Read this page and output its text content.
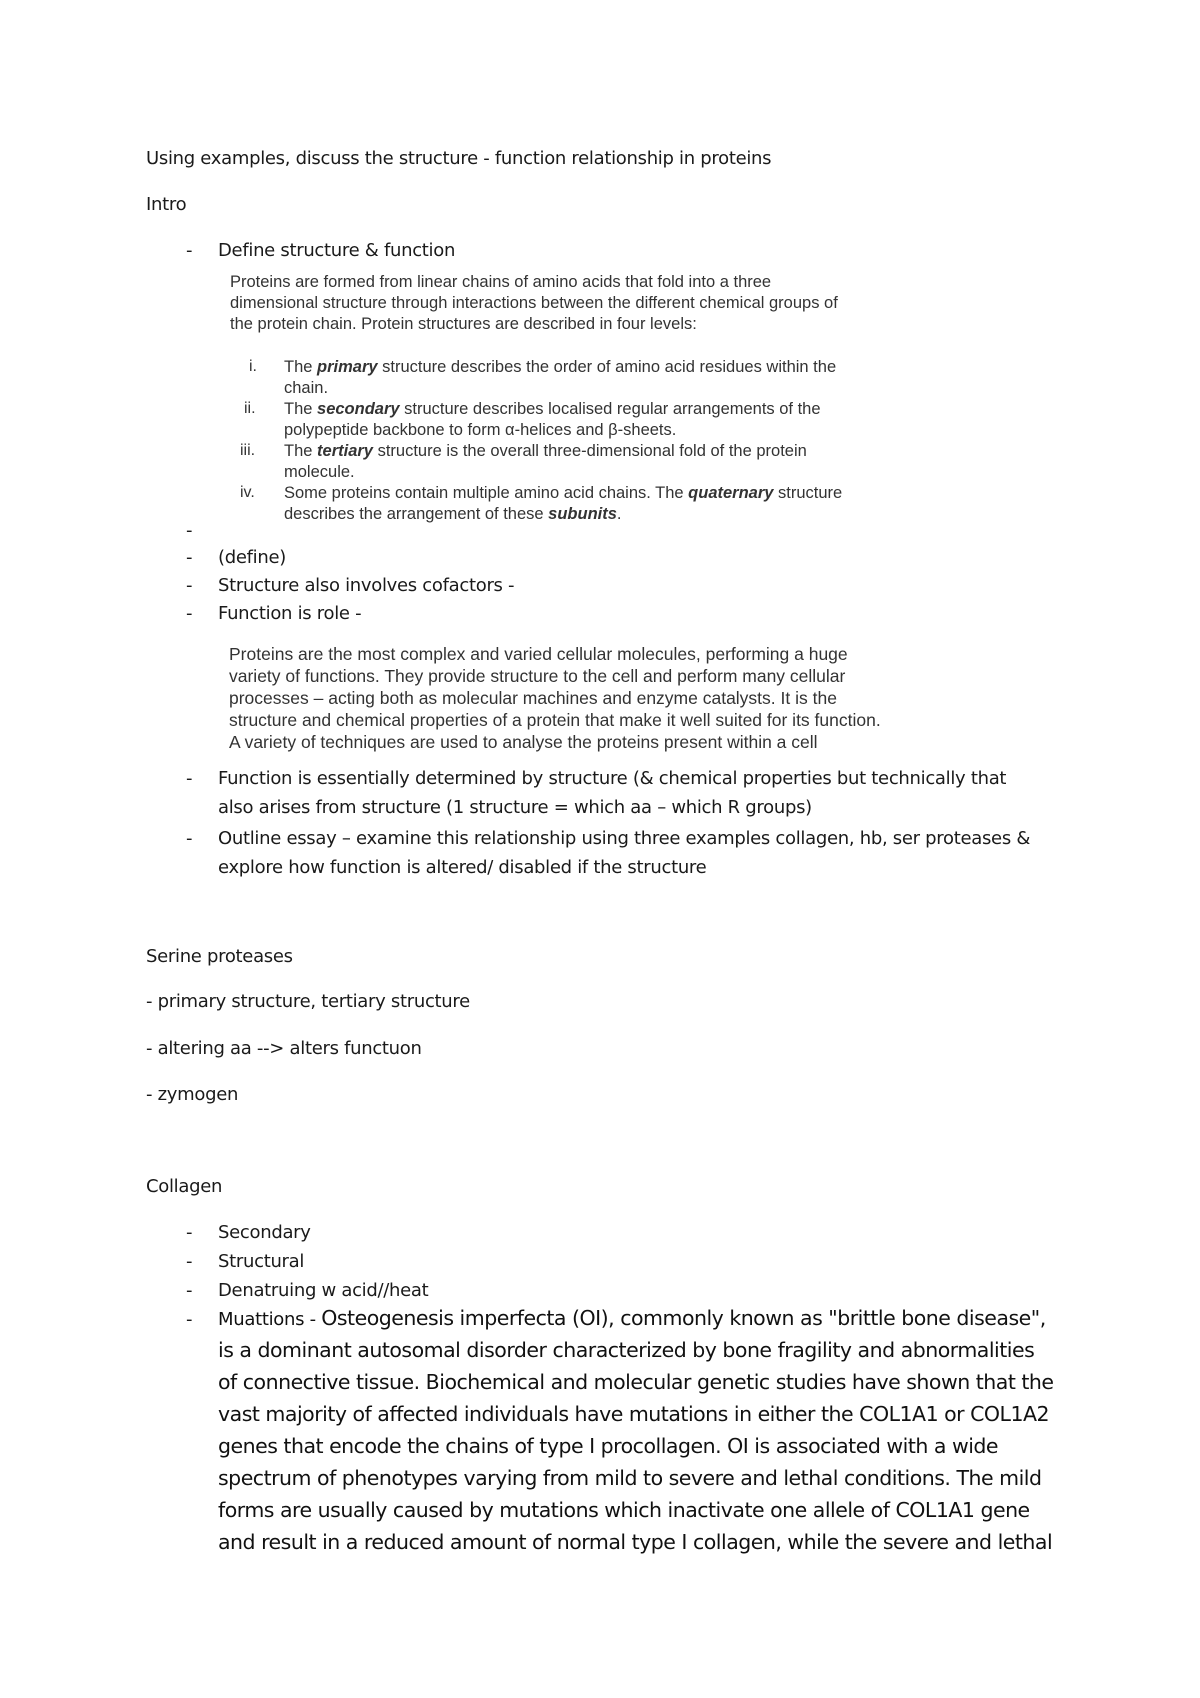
Using examples, discuss the structure - function relationship in proteins
Intro
- Define structure & function
Proteins are formed from linear chains of amino acids that fold into a three
dimensional structure through interactions between the different chemical groups of
the protein chain. Protein structures are described in four levels:
i.	The primary structure describes the order of amino acid residues within the
chain.
ii.	The secondary structure describes localised regular arrangements of the
polypeptide backbone to form α-helices and β-sheets.
iii.	The tertiary structure is the overall three-dimensional fold of the protein
molecule.
iv.	Some proteins contain multiple amino acid chains. The quaternary structure
describes the arrangement of these subunits.
-
- (define)
- Structure also involves cofactors -
- Function is role -
Proteins are the most complex and varied cellular molecules, performing a huge
variety of functions. They provide structure to the cell and perform many cellular
processes – acting both as molecular machines and enzyme catalysts. It is the
structure and chemical properties of a protein that make it well suited for its function.
A variety of techniques are used to analyse the proteins present within a cell
- Function is essentially determined by structure (& chemical properties but technically that
also arises from structure (1 structure = which aa – which R groups)
- Outline essay – examine this relationship using three examples collagen, hb, ser proteases &
explore how function is altered/ disabled if the structure
Serine proteases
- primary structure, tertiary structure
- altering aa --> alters functuon
- zymogen
Collagen
- Secondary
- Structural
- Denatruing w acid//heat
- Muattions - Osteogenesis imperfecta (OI), commonly known as "brittle bone disease",
is a dominant autosomal disorder characterized by bone fragility and abnormalities
of connective tissue. Biochemical and molecular genetic studies have shown that the
vast majority of affected individuals have mutations in either the COL1A1 or COL1A2
genes that encode the chains of type I procollagen. OI is associated with a wide
spectrum of phenotypes varying from mild to severe and lethal conditions. The mild
forms are usually caused by mutations which inactivate one allele of COL1A1 gene
and result in a reduced amount of normal type I collagen, while the severe and lethal
